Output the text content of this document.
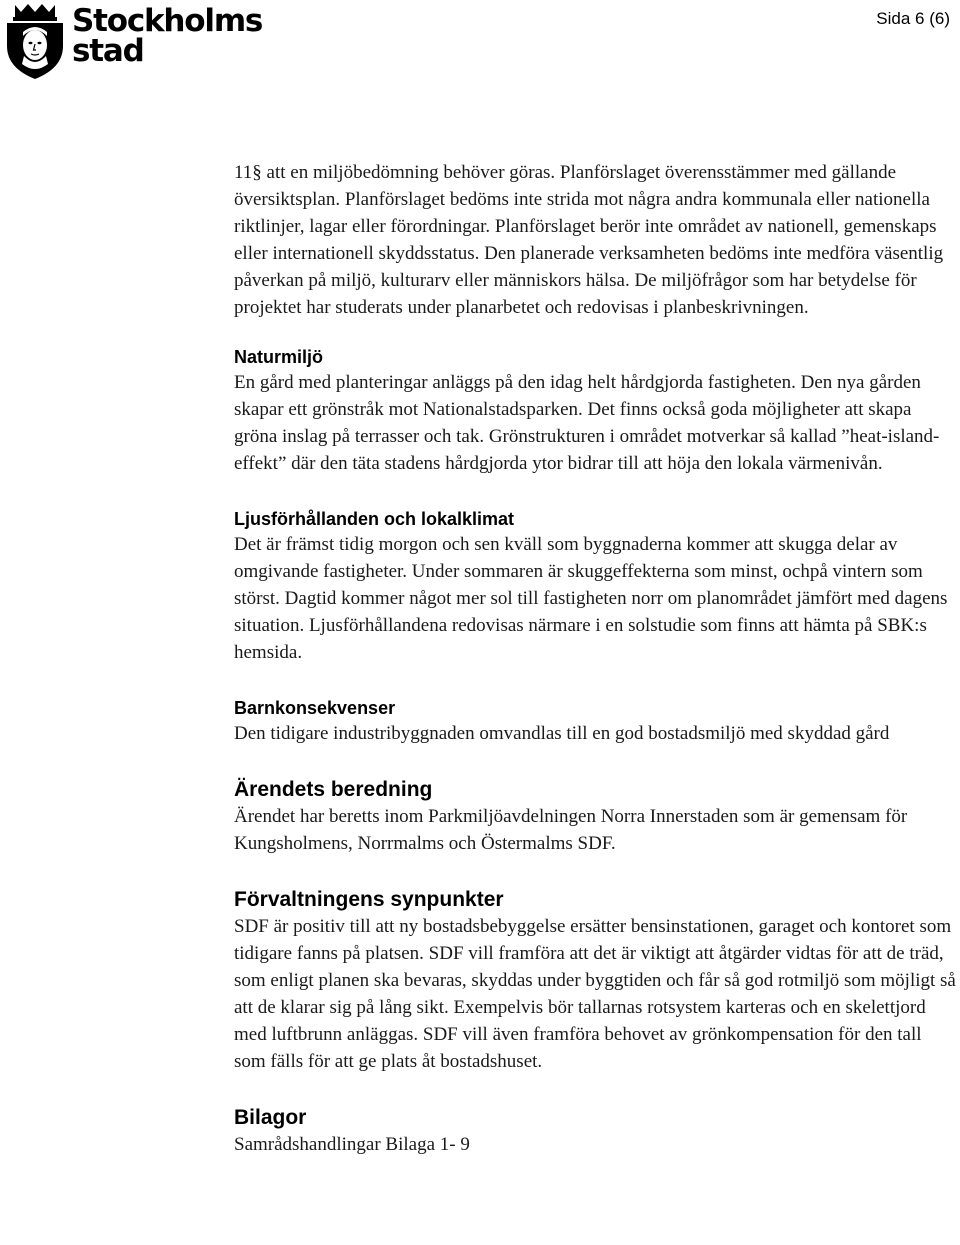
Stockholms
stad
Sida 6 (6)

11§ att en miljöbedömning behöver göras. Planförslaget överensstämmer med gällande översiktsplan. Planförslaget bedöms inte strida mot några andra kommunala eller nationella riktlinjer, lagar eller förordningar. Planförslaget berör inte området av nationell, gemenskaps eller internationell skyddsstatus. Den planerade verksamheten bedöms inte medföra väsentlig påverkan på miljö, kulturarv eller människors hälsa. De miljöfrågor som har betydelse för projektet har studerats under planarbetet och redovisas i planbeskrivningen.

Naturmiljö

En gård med planteringar anläggs på den idag helt hårdgjorda fastigheten. Den nya gården skapar ett grönstråk mot Nationalstadsparken. Det finns också goda möjligheter att skapa gröna inslag på terrasser och tak. Grönstrukturen i området motverkar så kallad ”heat-island-effekt” där den täta stadens hårdgjorda ytor bidrar till att höja den lokala värmenivån.

Ljusförhållanden och lokalklimat

Det är främst tidig morgon och sen kväll som byggnaderna kommer att skugga delar av omgivande fastigheter. Under sommaren är skuggeffekterna som minst, ochpå vintern som störst. Dagtid kommer något mer sol till fastigheten norr om planområdet jämfört med dagens situation. Ljusförhållandena redovisas närmare i en solstudie som finns att hämta på SBK:s hemsida.

Barnkonsekvenser

Den tidigare industribyggnaden omvandlas till en god bostadsmiljö med skyddad gård

Ärendets beredning

Ärendet har beretts inom Parkmiljöavdelningen Norra Innerstaden som är gemensam för Kungsholmens, Norrmalms och Östermalms SDF.

Förvaltningens synpunkter

SDF är positiv till att ny bostadsbebyggelse ersätter bensinstationen, garaget och kontoret som tidigare fanns på platsen. SDF vill framföra att det är viktigt att åtgärder vidtas för att de träd, som enligt planen ska bevaras, skyddas under byggtiden och får så god rotmiljö som möjligt så att de klarar sig på lång sikt. Exempelvis bör tallarnas rotsystem karteras och en skelettjord med luftbrunn anläggas. SDF vill även framföra behovet av grönkompensation för den tall som fälls för att ge plats åt bostadshuset.

Bilagor

Samrådshandlingar Bilaga 1- 9
